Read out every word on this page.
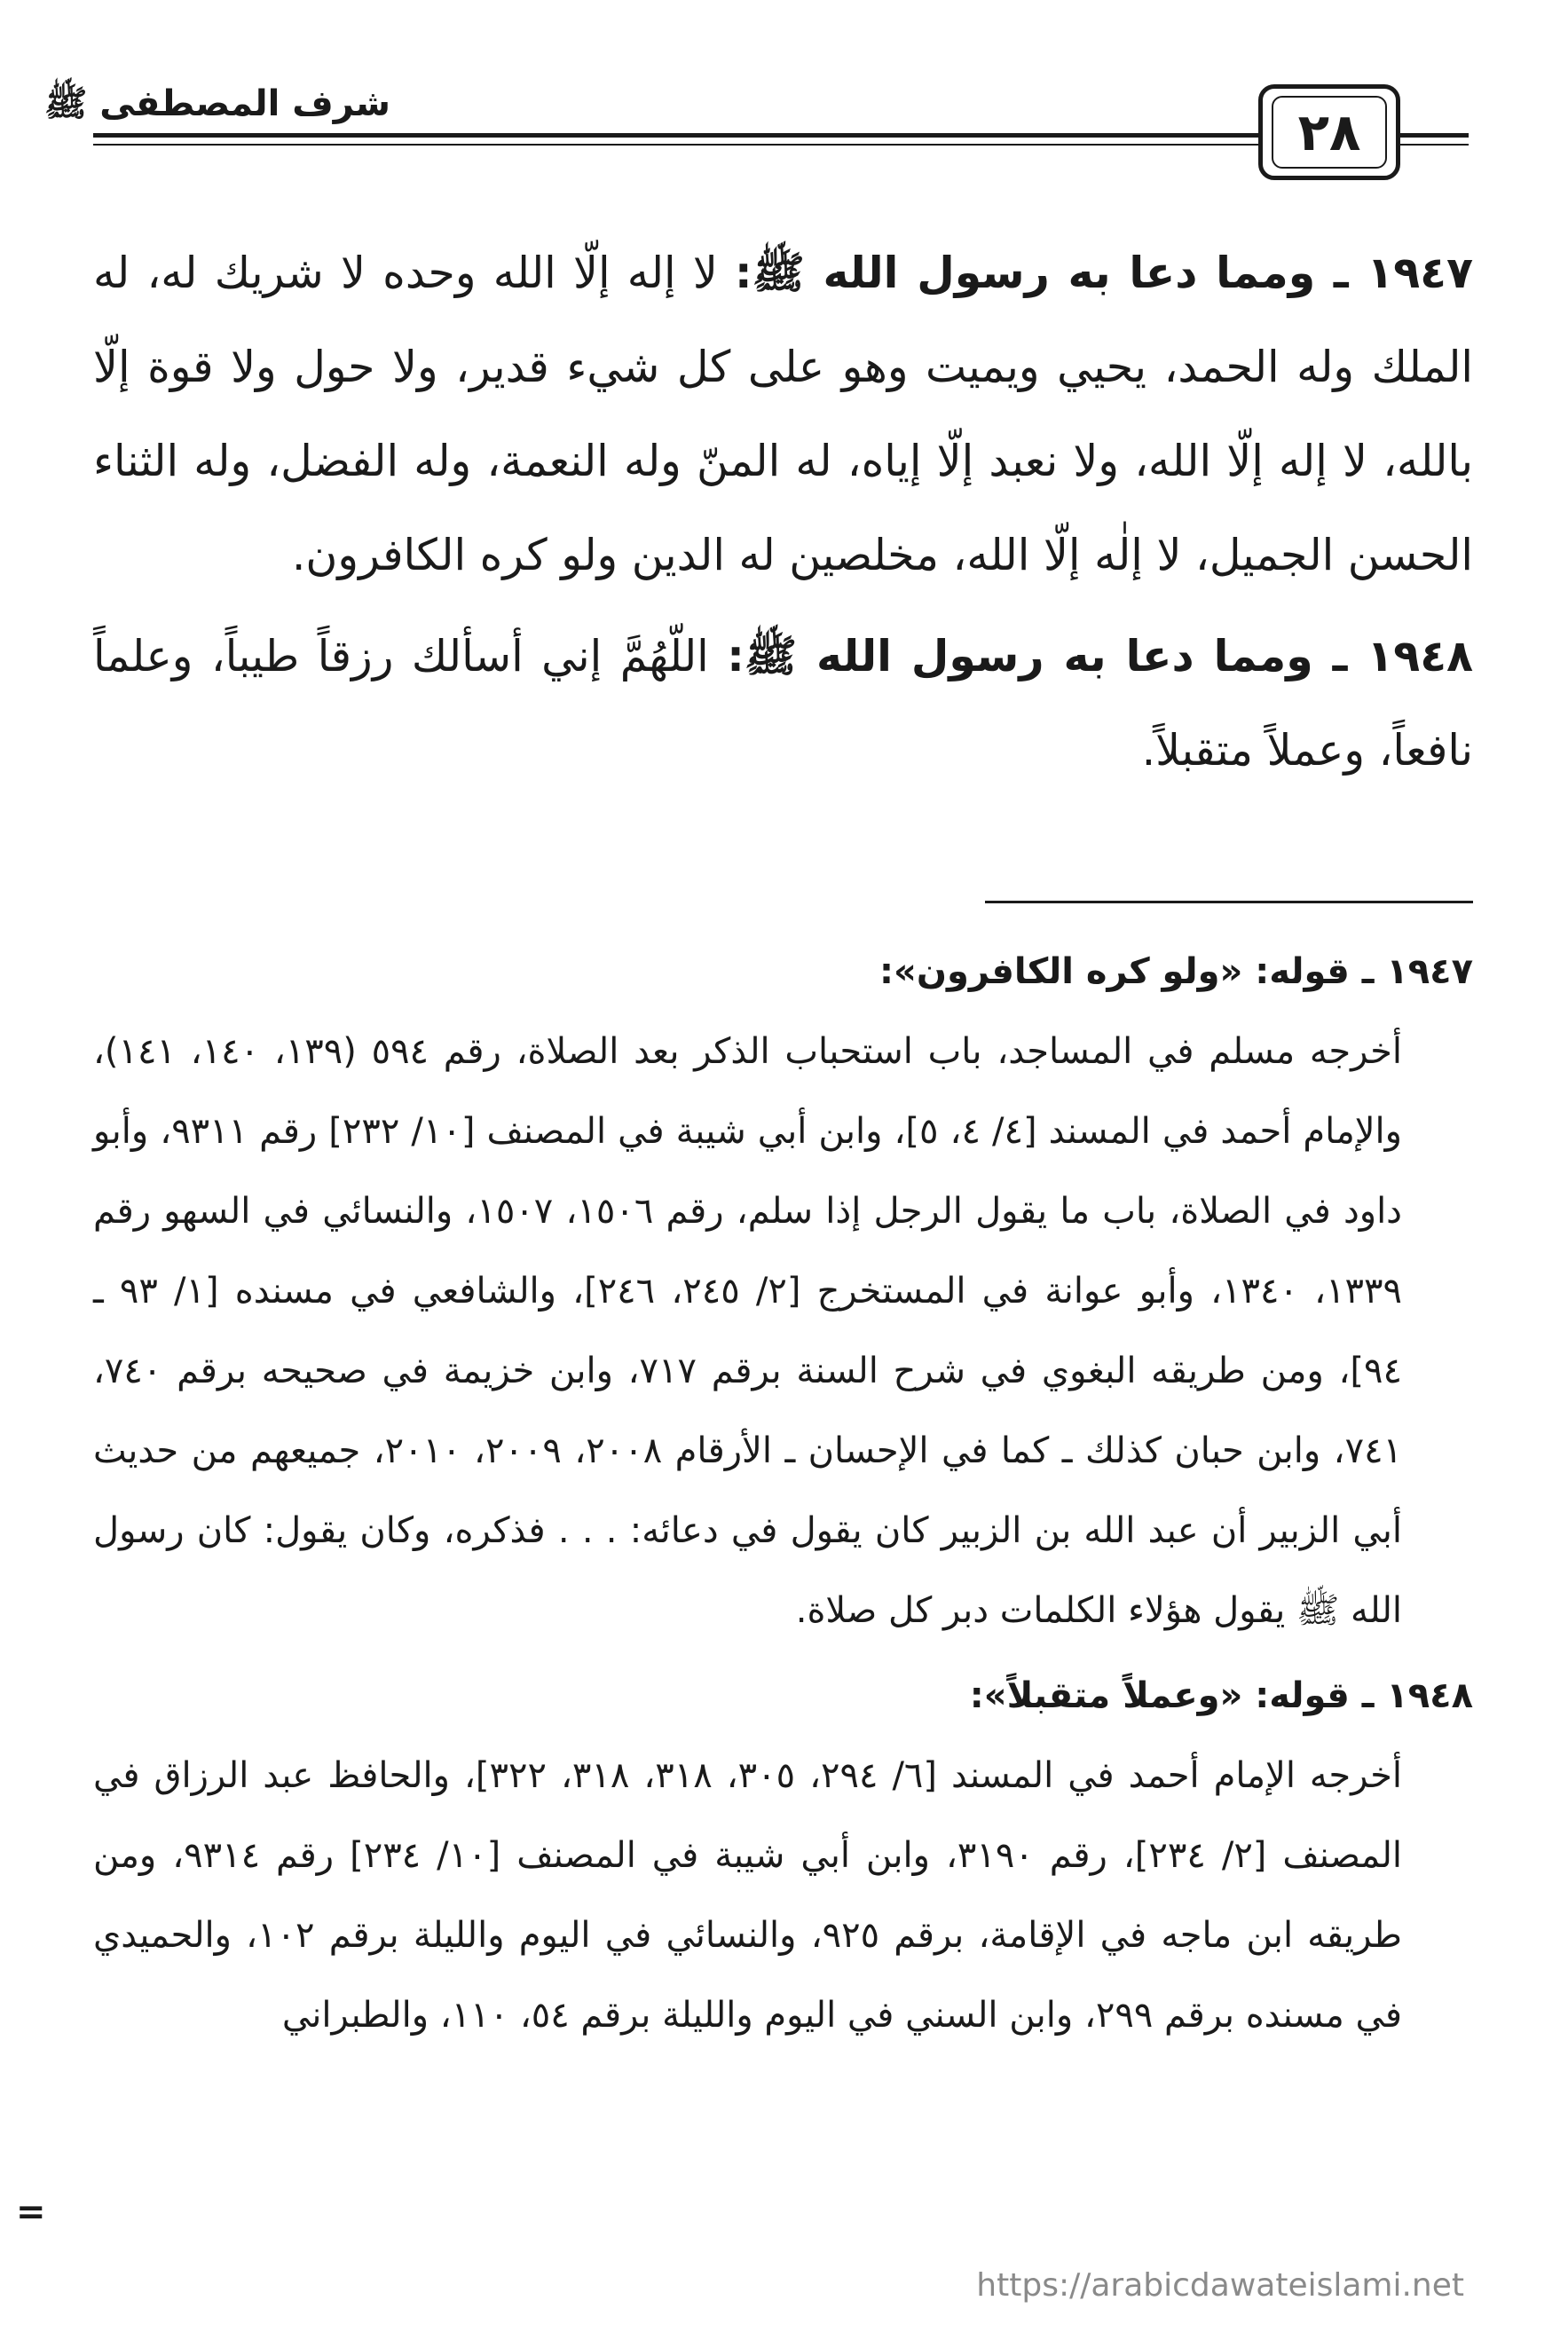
شرف المصطفى ﷺ	٢٨

١٩٤٧ ـ ومما دعا به رسول الله ﷺ: لا إله إلّا الله وحده لا شريك له، له الملك وله الحمد، يحيي ويميت وهو على كل شيء قدير، ولا حول ولا قوة إلّا بالله، لا إله إلّا الله، ولا نعبد إلّا إياه، له المنّ وله النعمة، وله الفضل، وله الثناء الحسن الجميل، لا إلٰه إلّا الله، مخلصين له الدين ولو كره الكافرون.

١٩٤٨ ـ ومما دعا به رسول الله ﷺ: اللّهُمَّ إني أسألك رزقاً طيباً، وعلماً نافعاً، وعملاً متقبلاً.

١٩٤٧ ـ قوله: «ولو كره الكافرون»:

أخرجه مسلم في المساجد، باب استحباب الذكر بعد الصلاة، رقم ٥٩٤ (١٣٩، ١٤٠، ١٤١)، والإمام أحمد في المسند [٤/ ٤، ٥]، وابن أبي شيبة في المصنف [١٠/ ٢٣٢] رقم ٩٣١١، وأبو داود في الصلاة، باب ما يقول الرجل إذا سلم، رقم ١٥٠٦، ١٥٠٧، والنسائي في السهو رقم ١٣٣٩، ١٣٤٠، وأبو عوانة في المستخرج [٢/ ٢٤٥، ٢٤٦]، والشافعي في مسنده [١/ ٩٣ ـ ٩٤]، ومن طريقه البغوي في شرح السنة برقم ٧١٧، وابن خزيمة في صحيحه برقم ٧٤٠، ٧٤١، وابن حبان كذلك ـ كما في الإحسان ـ الأرقام ٢٠٠٨، ٢٠٠٩، ٢٠١٠، جميعهم من حديث أبي الزبير أن عبد الله بن الزبير كان يقول في دعائه: . . . فذكره، وكان يقول: كان رسول الله ﷺ يقول هؤلاء الكلمات دبر كل صلاة.

١٩٤٨ ـ قوله: «وعملاً متقبلاً»:

أخرجه الإمام أحمد في المسند [٦/ ٢٩٤، ٣٠٥، ٣١٨، ٣١٨، ٣٢٢]، والحافظ عبد الرزاق في المصنف [٢/ ٢٣٤]، رقم ٣١٩٠، وابن أبي شيبة في المصنف [١٠/ ٢٣٤] رقم ٩٣١٤، ومن طريقه ابن ماجه في الإقامة، برقم ٩٢٥، والنسائي في اليوم والليلة برقم ١٠٢، والحميدي في مسنده برقم ٢٩٩، وابن السني في اليوم والليلة برقم ٥٤، ١١٠، والطبراني

=
https://arabicdawateislami.net
